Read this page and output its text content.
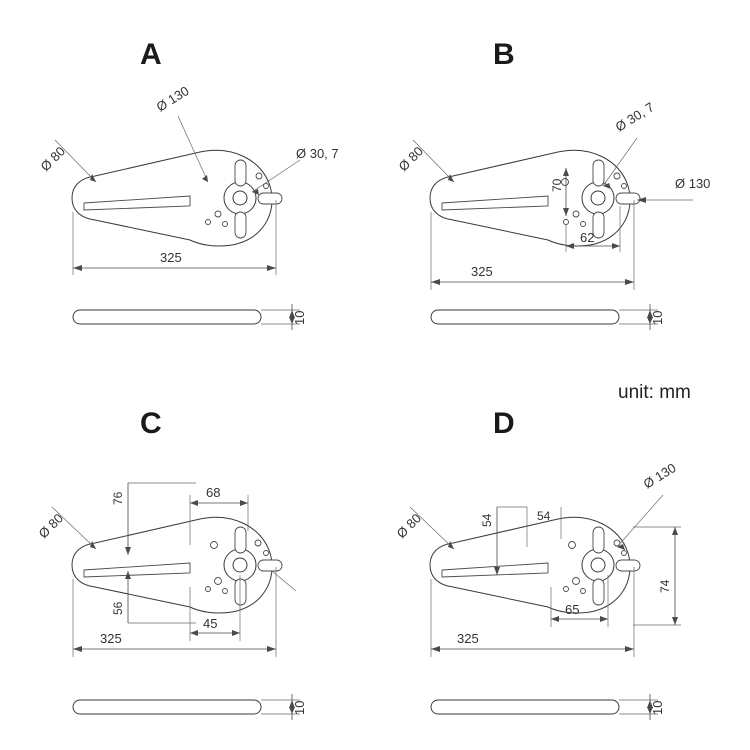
A
Ø 80
Ø 130
Ø 30, 7
325
10
B
Ø 80
Ø 30, 7
Ø 130
70
62
325
10
C
Ø 80
76	68
56
45
325
10
D
Ø 80
Ø 130
54	54
65
74
325
10
unit: mm
